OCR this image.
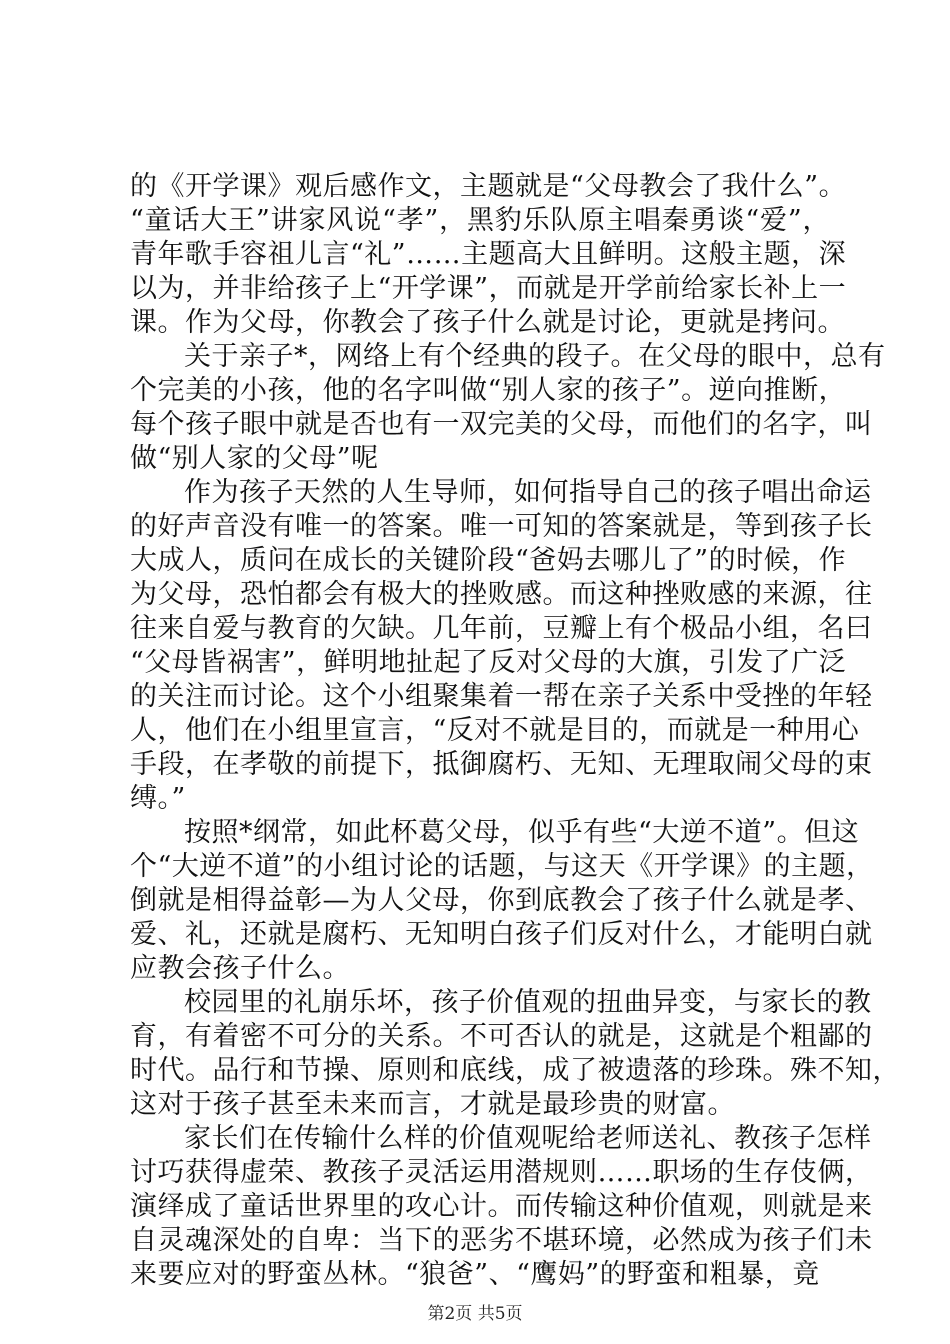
的《开学课》观后感作文，主题就是“父母教会了我什么”。
“童话大王”讲家风说“孝”，黑豹乐队原主唱秦勇谈“爱”，
青年歌手容祖儿言“礼”……主题高大且鲜明。这般主题，深
以为，并非给孩子上“开学课”，而就是开学前给家长补上一
课。作为父母，你教会了孩子什么就是讨论，更就是拷问。
关于亲子*，网络上有个经典的段子。在父母的眼中，总有
个完美的小孩，他的名字叫做“别人家的孩子”。逆向推断，
每个孩子眼中就是否也有一双完美的父母，而他们的名字，叫
做“别人家的父母”呢
作为孩子天然的人生导师，如何指导自己的孩子唱出命运
的好声音没有唯一的答案。唯一可知的答案就是，等到孩子长
大成人，质问在成长的关键阶段“爸妈去哪儿了”的时候，作
为父母，恐怕都会有极大的挫败感。而这种挫败感的来源，往
往来自爱与教育的欠缺。几年前，豆瓣上有个极品小组，名曰
“父母皆祸害”，鲜明地扯起了反对父母的大旗，引发了广泛
的关注而讨论。这个小组聚集着一帮在亲子关系中受挫的年轻
人，他们在小组里宣言，“反对不就是目的，而就是一种用心
手段，在孝敬的前提下，抵御腐朽、无知、无理取闹父母的束
缚。”
按照*纲常，如此杯葛父母，似乎有些“大逆不道”。但这
个“大逆不道”的小组讨论的话题，与这天《开学课》的主题，
倒就是相得益彰—为人父母，你到底教会了孩子什么就是孝、
爱、礼，还就是腐朽、无知明白孩子们反对什么，才能明白就
应教会孩子什么。
校园里的礼崩乐坏，孩子价值观的扭曲异变，与家长的教
育，有着密不可分的关系。不可否认的就是，这就是个粗鄙的
时代。品行和节操、原则和底线，成了被遗落的珍珠。殊不知，
这对于孩子甚至未来而言，才就是最珍贵的财富。
家长们在传输什么样的价值观呢给老师送礼、教孩子怎样
讨巧获得虚荣、教孩子灵活运用潜规则……职场的生存伎俩，
演绎成了童话世界里的攻心计。而传输这种价值观，则就是来
自灵魂深处的自卑：当下的恶劣不堪环境，必然成为孩子们未
来要应对的野蛮丛林。“狼爸”、“鹰妈”的野蛮和粗暴，竟
第2页 共5页
